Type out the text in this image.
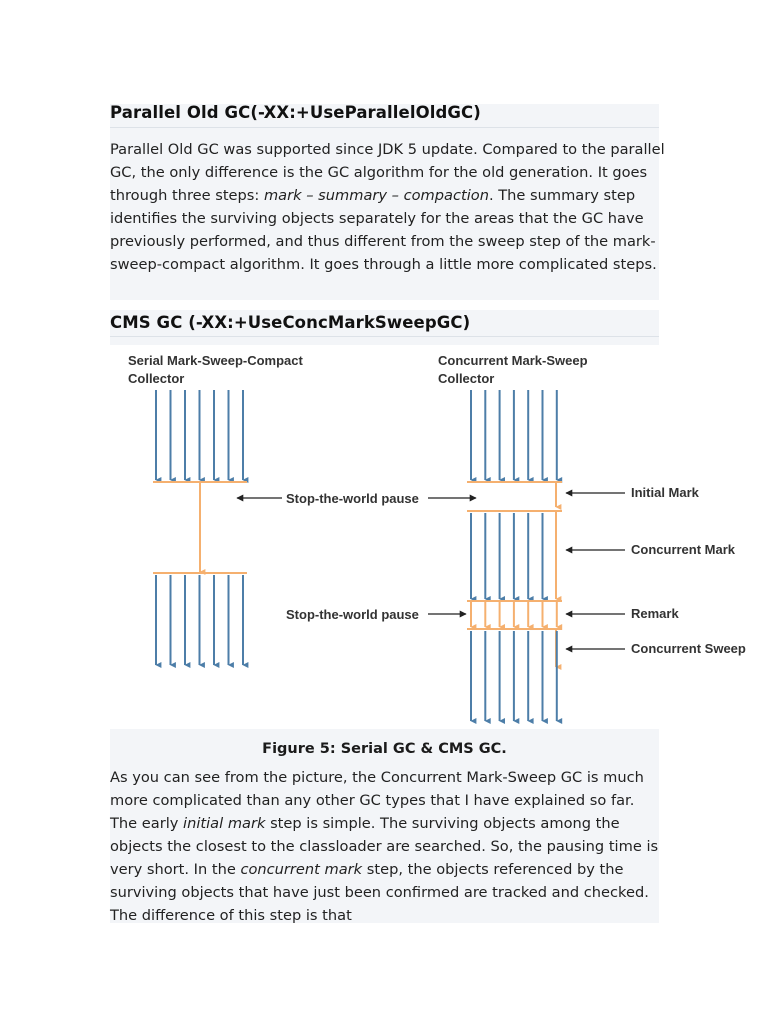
Parallel Old GC(-XX:+UseParallelOldGC)
Parallel Old GC was supported since JDK 5 update. Compared to the parallel GC, the only difference is the GC algorithm for the old generation. It goes through three steps: mark – summary – compaction. The summary step identifies the surviving objects separately for the areas that the GC have previously performed, and thus different from the sweep step of the mark-sweep-compact algorithm. It goes through a little more complicated steps.
CMS GC (-XX:+UseConcMarkSweepGC)
Serial Mark-Sweep-Compact
Collector
Concurrent Mark-Sweep
Collector
Stop-the-world pause
Stop-the-world pause
Initial Mark
Concurrent Mark
Remark
Concurrent Sweep
Figure 5: Serial GC & CMS GC.
As you can see from the picture, the Concurrent Mark-Sweep GC is much more complicated than any other GC types that I have explained so far. The early initial mark step is simple. The surviving objects among the objects the closest to the classloader are searched. So, the pausing time is very short. In the concurrent mark step, the objects referenced by the surviving objects that have just been confirmed are tracked and checked. The difference of this step is that
